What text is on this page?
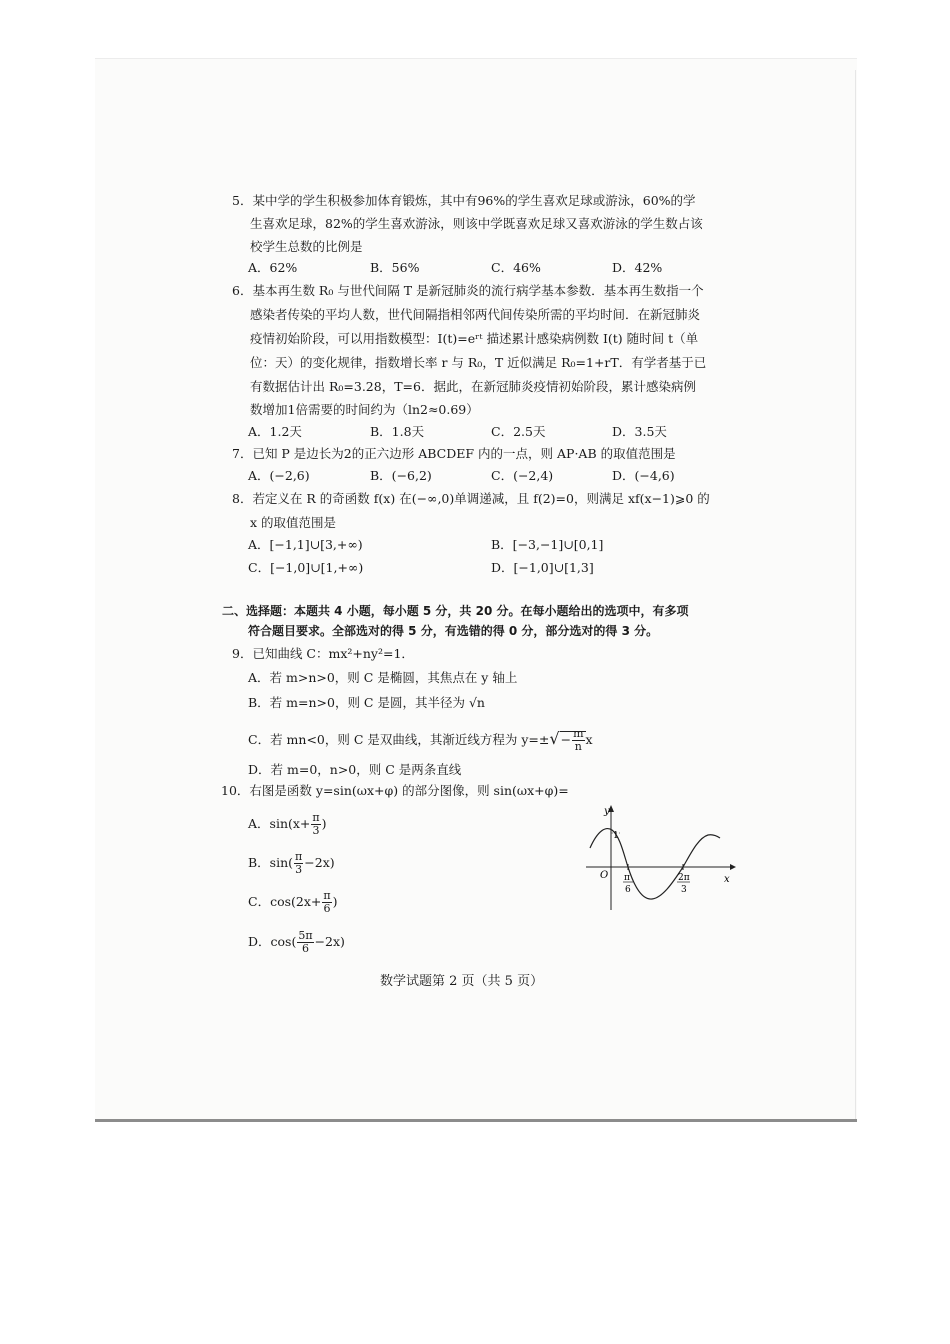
5．某中学的学生积极参加体育锻炼，其中有96%的学生喜欢足球或游泳，60%的学
生喜欢足球，82%的学生喜欢游泳，则该中学既喜欢足球又喜欢游泳的学生数占该
校学生总数的比例是
A．62%	B．56%	C．46%	D．42%
6．基本再生数 R₀ 与世代间隔 T 是新冠肺炎的流行病学基本参数．基本再生数指一个
感染者传染的平均人数，世代间隔指相邻两代间传染所需的平均时间．在新冠肺炎
疫情初始阶段，可以用指数模型：I(t)=eʳᵗ 描述累计感染病例数 I(t) 随时间 t（单
位：天）的变化规律，指数增长率 r 与 R₀，T 近似满足 R₀=1+rT．有学者基于已
有数据估计出 R₀=3.28，T=6．据此，在新冠肺炎疫情初始阶段，累计感染病例
数增加1倍需要的时间约为（ln2≈0.69）
A．1.2天	B．1.8天	C．2.5天	D．3.5天
7．已知 P 是边长为2的正六边形 ABCDEF 内的一点，则 AP·AB 的取值范围是
A．(−2,6)	B．(−6,2)	C．(−2,4)	D．(−4,6)
8．若定义在 R 的奇函数 f(x) 在(−∞,0)单调递减，且 f(2)=0，则满足 xf(x−1)⩾0 的
x 的取值范围是
A．[−1,1]∪[3,+∞)	B．[−3,−1]∪[0,1]
C．[−1,0]∪[1,+∞)	D．[−1,0]∪[1,3]
二、选择题：本题共 4 小题，每小题 5 分，共 20 分。在每小题给出的选项中，有多项
符合题目要求。全部选对的得 5 分，有选错的得 0 分，部分选对的得 3 分。
9．已知曲线 C：mx²+ny²=1．
A．若 m>n>0，则 C 是椭圆，其焦点在 y 轴上
B．若 m=n>0，则 C 是圆，其半径为 √n
C．若 mn<0，则 C 是双曲线，其渐近线方程为 $y=\pm√- \frac{m}{n}$ x
D．若 m=0，n>0，则 C 是两条直线
10．右图是函数 y=sin(ωx+φ) 的部分图像，则 sin(ωx+φ)=
A．$\sin(x+ \frac{\pi}{3}$ )
B．$\sin( \frac{\pi}{3} -2x)$
C．$\cos(2x+ \frac{\pi}{6}$ )
D．$\cos( \frac{5\pi}{6} -2x)$
y
x
O
1
π
6
2π
3
数学试题第 2 页（共 5 页）
